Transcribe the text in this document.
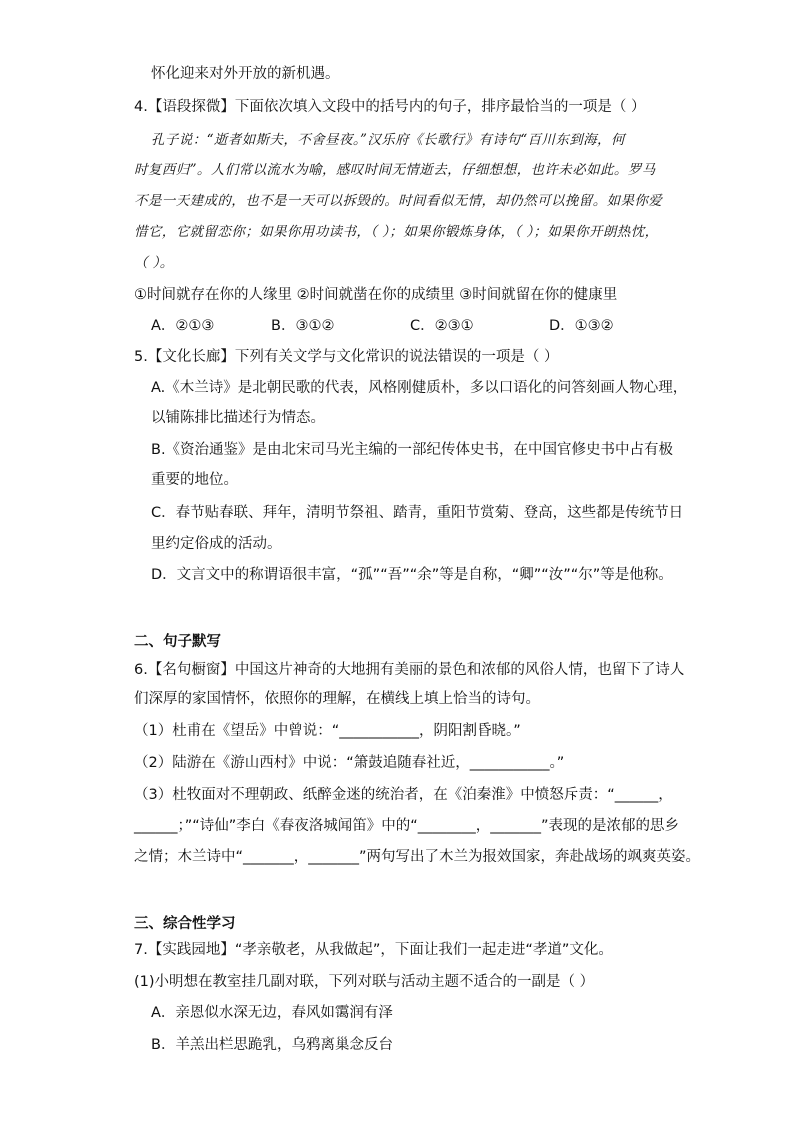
怀化迎来对外开放的新机遇。
4.【语段探微】下面依次填入文段中的括号内的句子，排序最恰当的一项是（ ）
孔子说：“逝者如斯夫，不舍昼夜。”汉乐府《长歌行》有诗句“百川东到海，何
时复西归”。人们常以流水为喻，感叹时间无情逝去，仔细想想，也许未必如此。罗马
不是一天建成的，也不是一天可以拆毁的。时间看似无情，却仍然可以挽留。如果你爱
惜它，它就留恋你；如果你用功读书，（ ）；如果你锻炼身体，（ ）；如果你开朗热忱，
（ ）。
①时间就存在你的人缘里 ②时间就凿在你的成绩里 ③时间就留在你的健康里
A．②①③	B．③①②	C．②③①	D．①③②
5.【文化长廊】下列有关文学与文化常识的说法错误的一项是（ ）
A.《木兰诗》是北朝民歌的代表，风格刚健质朴，多以口语化的问答刻画人物心理，
以铺陈排比描述行为情态。
B.《资治通鉴》是由北宋司马光主编的一部纪传体史书，在中国官修史书中占有极
重要的地位。
C．春节贴春联、拜年，清明节祭祖、踏青，重阳节赏菊、登高，这些都是传统节日
里约定俗成的活动。
D．文言文中的称谓语很丰富，“孤”“吾”“余”等是自称，“卿”“汝”“尔”等是他称。
二、句子默写
6.【名句橱窗】中国这片神奇的大地拥有美丽的景色和浓郁的风俗人情，也留下了诗人
们深厚的家国情怀，依照你的理解，在横线上填上恰当的诗句。
（1）杜甫在《望岳》中曾说：“___________，阴阳割昏晓。”
（2）陆游在《游山西村》中说：“箫鼓追随春社近，___________。”
（3）杜牧面对不理朝政、纸醉金迷的统治者，在《泊秦淮》中愤怒斥责：“______，
______；”“诗仙”李白《春夜洛城闻笛》中的“________，_______”表现的是浓郁的思乡
之情；木兰诗中“_______，_______”两句写出了木兰为报效国家，奔赴战场的飒爽英姿。
三、综合性学习
7.【实践园地】“孝亲敬老，从我做起”，下面让我们一起走进“孝道”文化。
(1)小明想在教室挂几副对联，下列对联与活动主题不适合的一副是（ ）
A．亲恩似水深无边，春风如霭润有泽
B．羊羔出栏思跪乳，乌鸦离巢念反台
